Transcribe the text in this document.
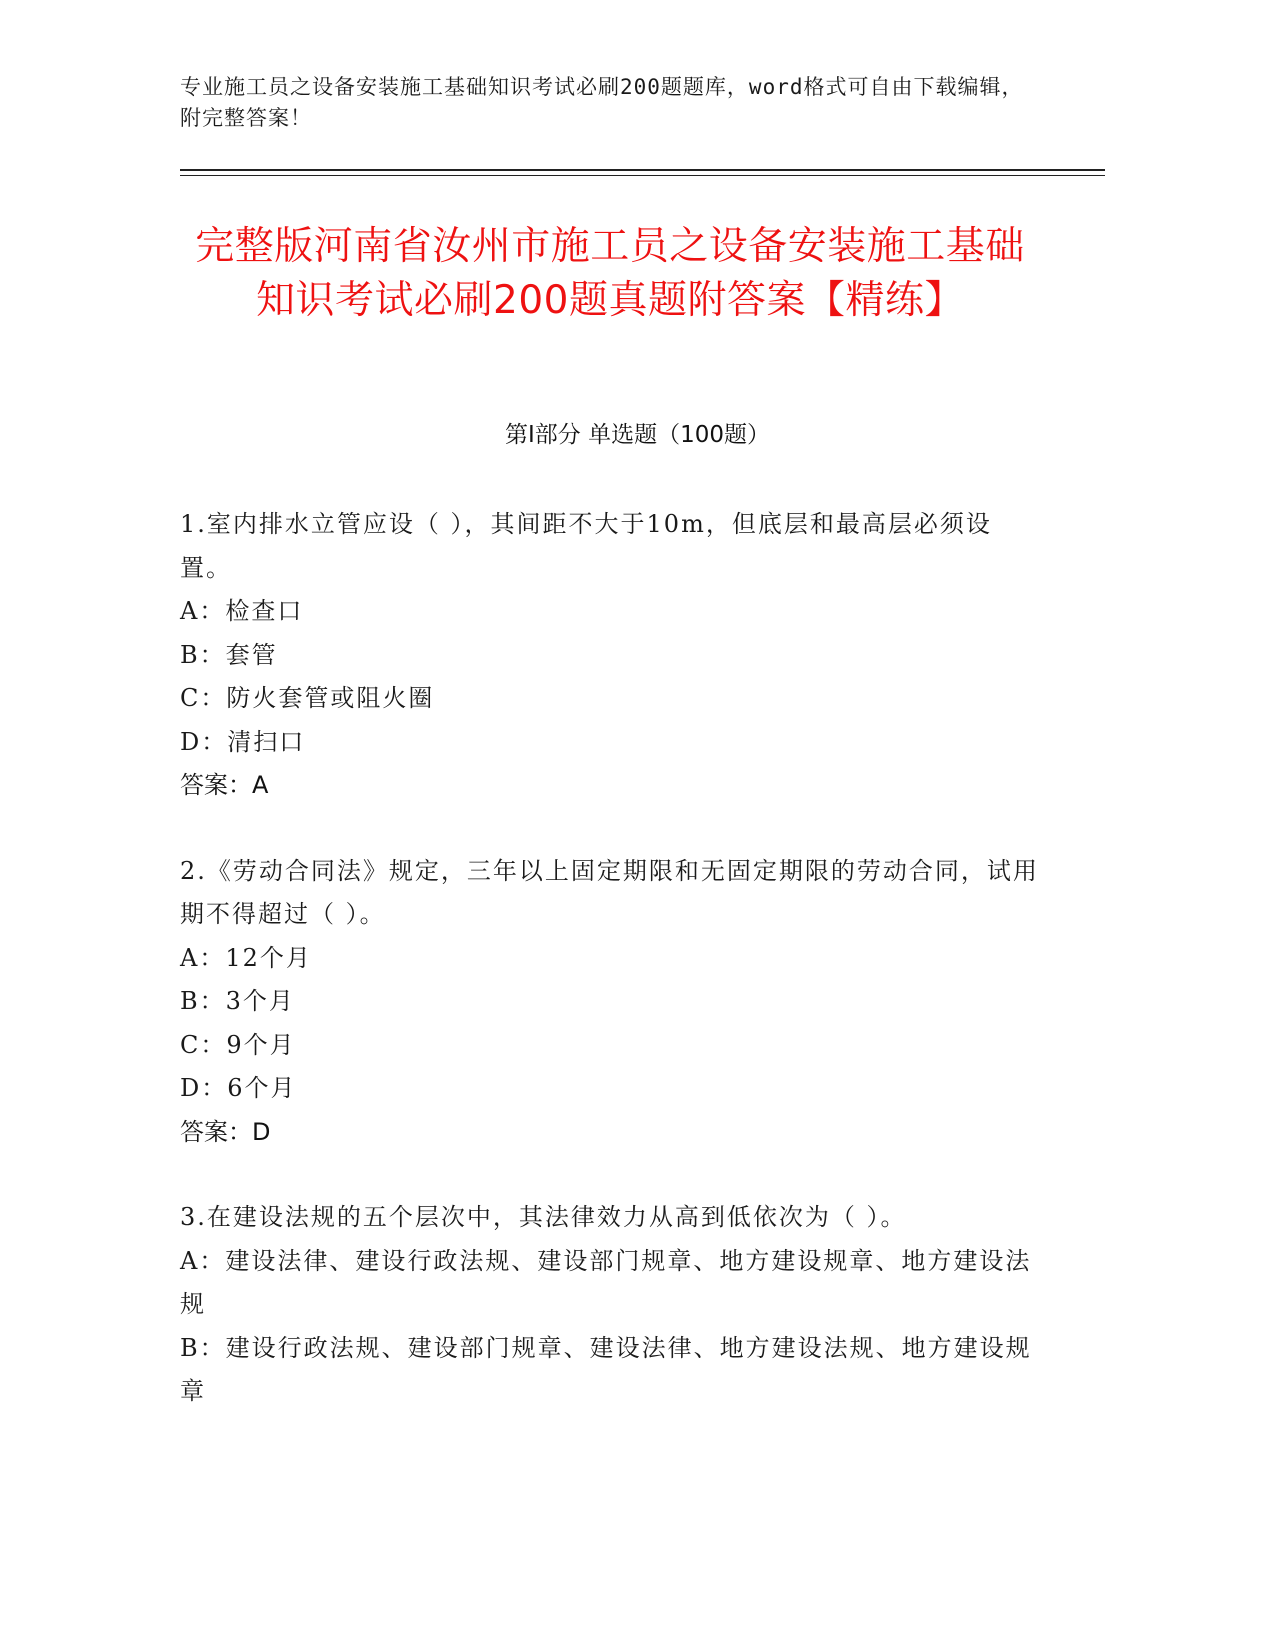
专业施工员之设备安装施工基础知识考试必刷200题题库，word格式可自由下载编辑，附完整答案！
完整版河南省汝州市施工员之设备安装施工基础知识考试必刷200题真题附答案【精练】
第I部分 单选题（100题）
1.室内排水立管应设（ ），其间距不大于10m，但底层和最高层必须设置。
A：检查口
B：套管
C：防火套管或阻火圈
D：清扫口
答案：A
2.《劳动合同法》规定，三年以上固定期限和无固定期限的劳动合同，试用期不得超过（ ）。
A：12个月
B：3个月
C：9个月
D：6个月
答案：D
3.在建设法规的五个层次中，其法律效力从高到低依次为（ ）。
A：建设法律、建设行政法规、建设部门规章、地方建设规章、地方建设法规
B：建设行政法规、建设部门规章、建设法律、地方建设法规、地方建设规章
